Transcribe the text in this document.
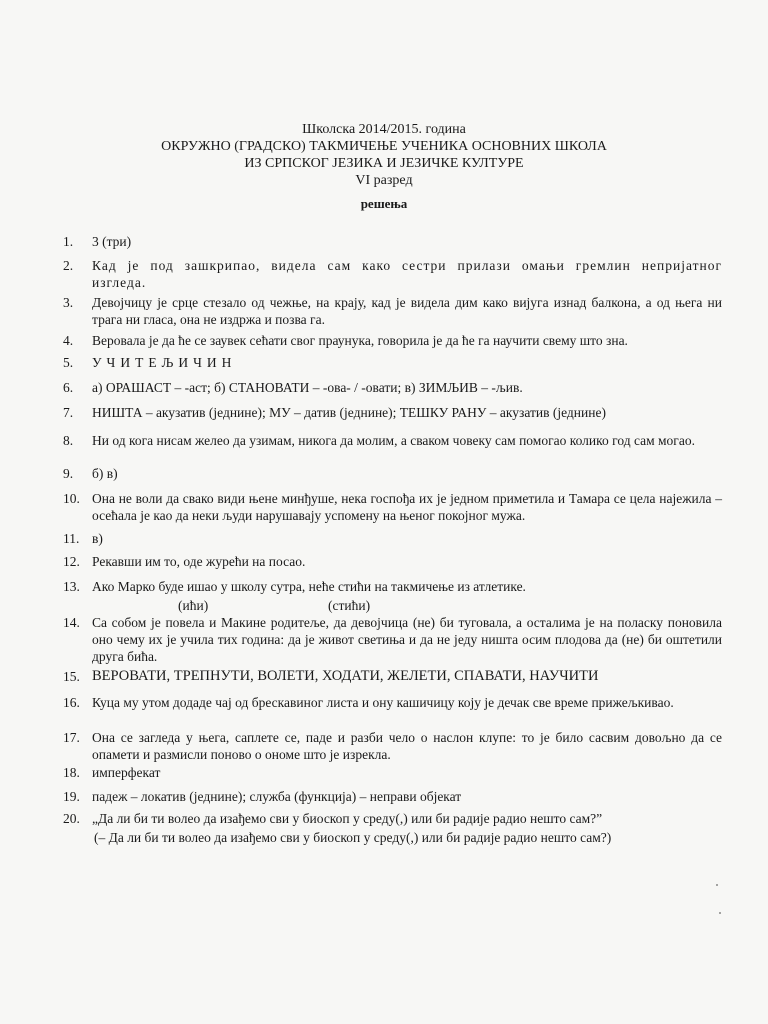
Школска 2014/2015. година
ОКРУЖНО (ГРАДСКО) ТАКМИЧЕЊЕ УЧЕНИКА ОСНОВНИХ ШКОЛА
ИЗ СРПСКОГ ЈЕЗИКА И ЈЕЗИЧКЕ КУЛТУРЕ
VI разред
решења
1.	3 (три)
2.	Кад је под зашкрипао, видела сам како сестри прилази омањи гремлин непријатног изгледа.
3.	Девојчицу је срце стезало од чежње, на крају, кад је видела дим како вијуга изнад балкона, а од њега ни трага ни гласа, она не издржа и позва га.
4.	Веровала је да ће се заувек сећати свог праунука, говорила је да ће га научити свему што зна.
5.	УЧИТЕЉИЧИН
6.	а) ОРАШАСТ – -аст; б) СТАНОВАТИ – -ова- / -овати; в) ЗИМЉИВ – -љив.
7.	НИШТА – акузатив (једнине); МУ – датив (једнине); ТЕШКУ РАНУ – акузатив (једнине)
8.	Ни од кога нисам желео да узимам, никога да молим, а сваком човеку сам помогао колико год сам могао.
9.	б) в)
10. Она не воли да свако види њене минђуше, нека госпођа их је једном приметила и Тамара се цела најежила – осећала је као да неки људи нарушавају успомену на њеног покојног мужа.
11. в)
12. Рекавши им то, оде журећи на посао.
13. Ако Марко буде ишао у школу сутра, неће стићи на такмичење из атлетике.
(ићи)	(стићи)
14. Са собом је повела и Макине родитеље, да девојчица (не) би туговала, а осталима је на поласку поновила оно чему их је учила тих година: да је живот светиња и да не једу ништа осим плодова да (не) би оштетили друга бића.
15. ВЕРОВАТИ, ТРЕПНУТИ, ВОЛЕТИ, ХОДАТИ, ЖЕЛЕТИ, СПАВАТИ, НАУЧИТИ
16. Куца му утом додаде чај од брескавиног листа и ону кашичицу коју је дечак све време прижељкивао.
17. Она се загледа у њега, саплете се, паде и разби чело о наслон клупе: то је било сасвим довољно да се опамети и размисли поново о ономе што је изрекла.
18. имперфекат
19. падеж – локатив (једнине); служба (функција) – неправи објекат
20. „Да ли би ти волео да изађемо сви у биоскоп у среду(,) или би радије радио нешто сам?”
(– Да ли би ти волео да изађемо сви у биоскоп у среду(,) или би радије радио нешто сам?)
